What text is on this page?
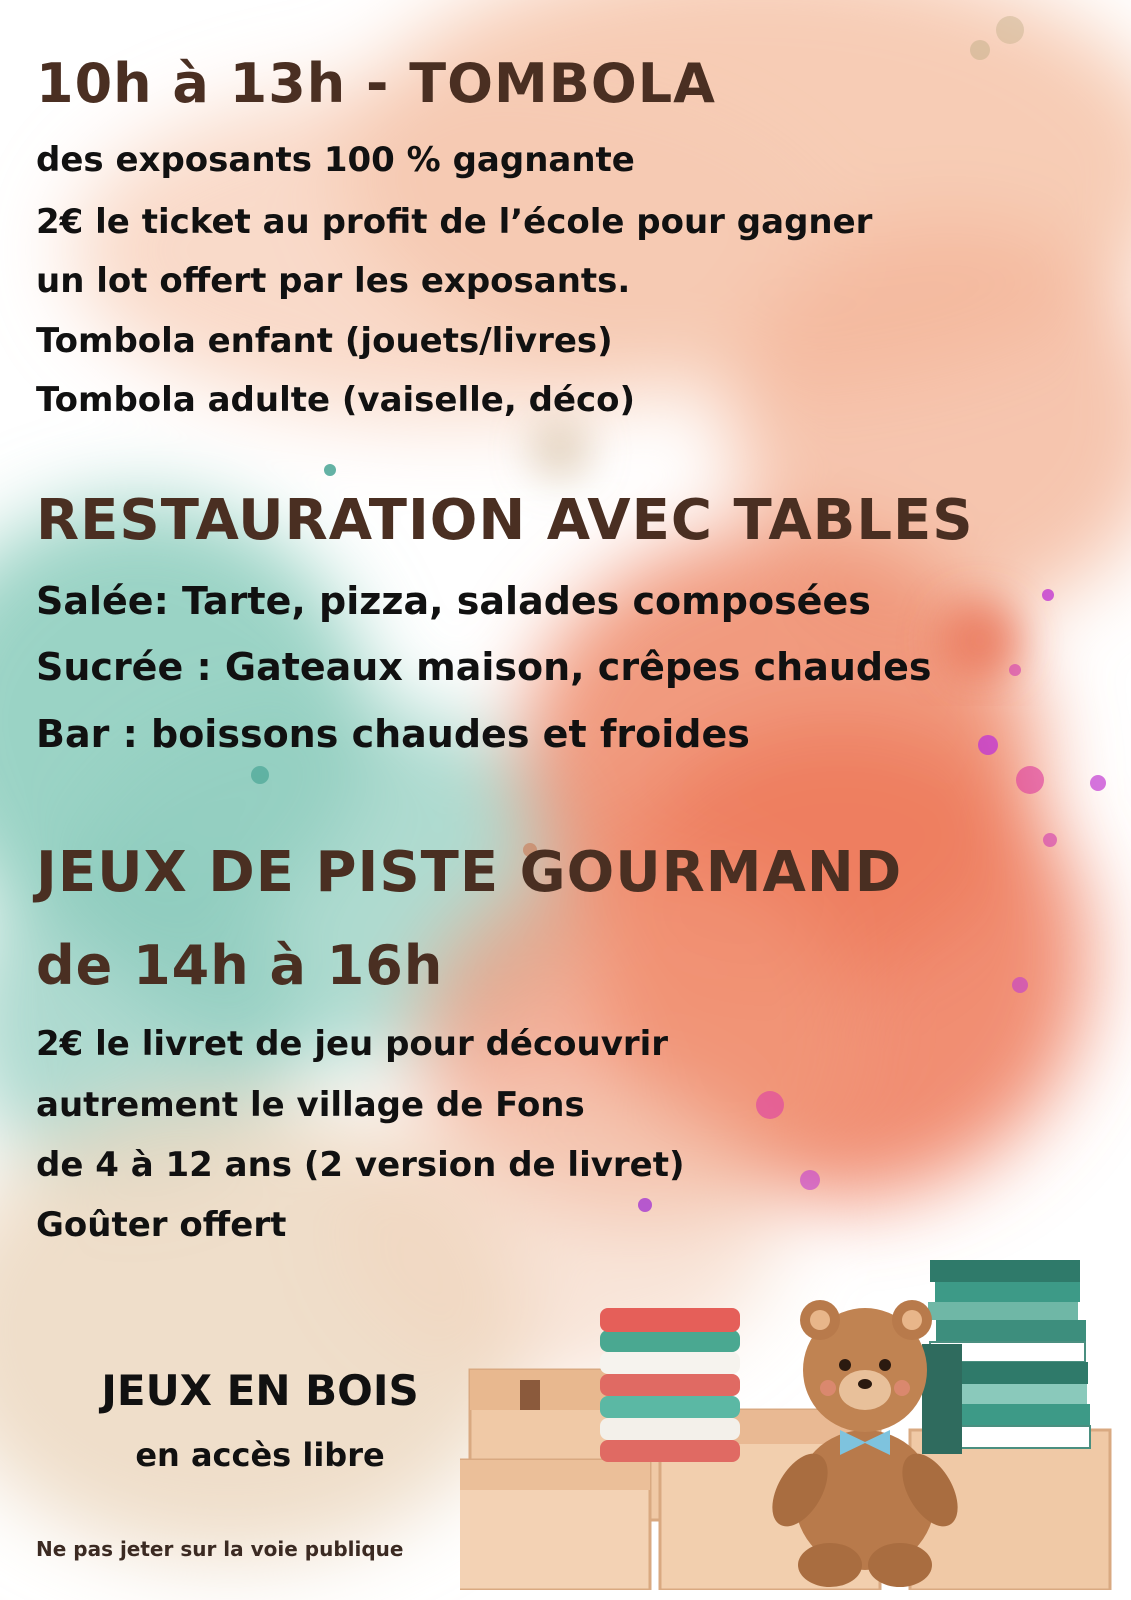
10h à 13h - TOMBOLA
des exposants 100 % gagnante
2€ le ticket au profit de l’école pour gagner
un lot offert par les exposants.
Tombola enfant (jouets/livres)
Tombola adulte (vaiselle, déco)
RESTAURATION AVEC TABLES
Salée: Tarte, pizza, salades composées
Sucrée : Gateaux maison, crêpes chaudes
Bar : boissons chaudes et froides
JEUX DE PISTE GOURMAND
de 14h à 16h
2€ le livret de jeu pour découvrir
autrement le village de Fons
de 4 à 12 ans (2 version de livret)
Goûter offert
JEUX EN BOIS
en accès libre
Ne pas jeter sur la voie publique
